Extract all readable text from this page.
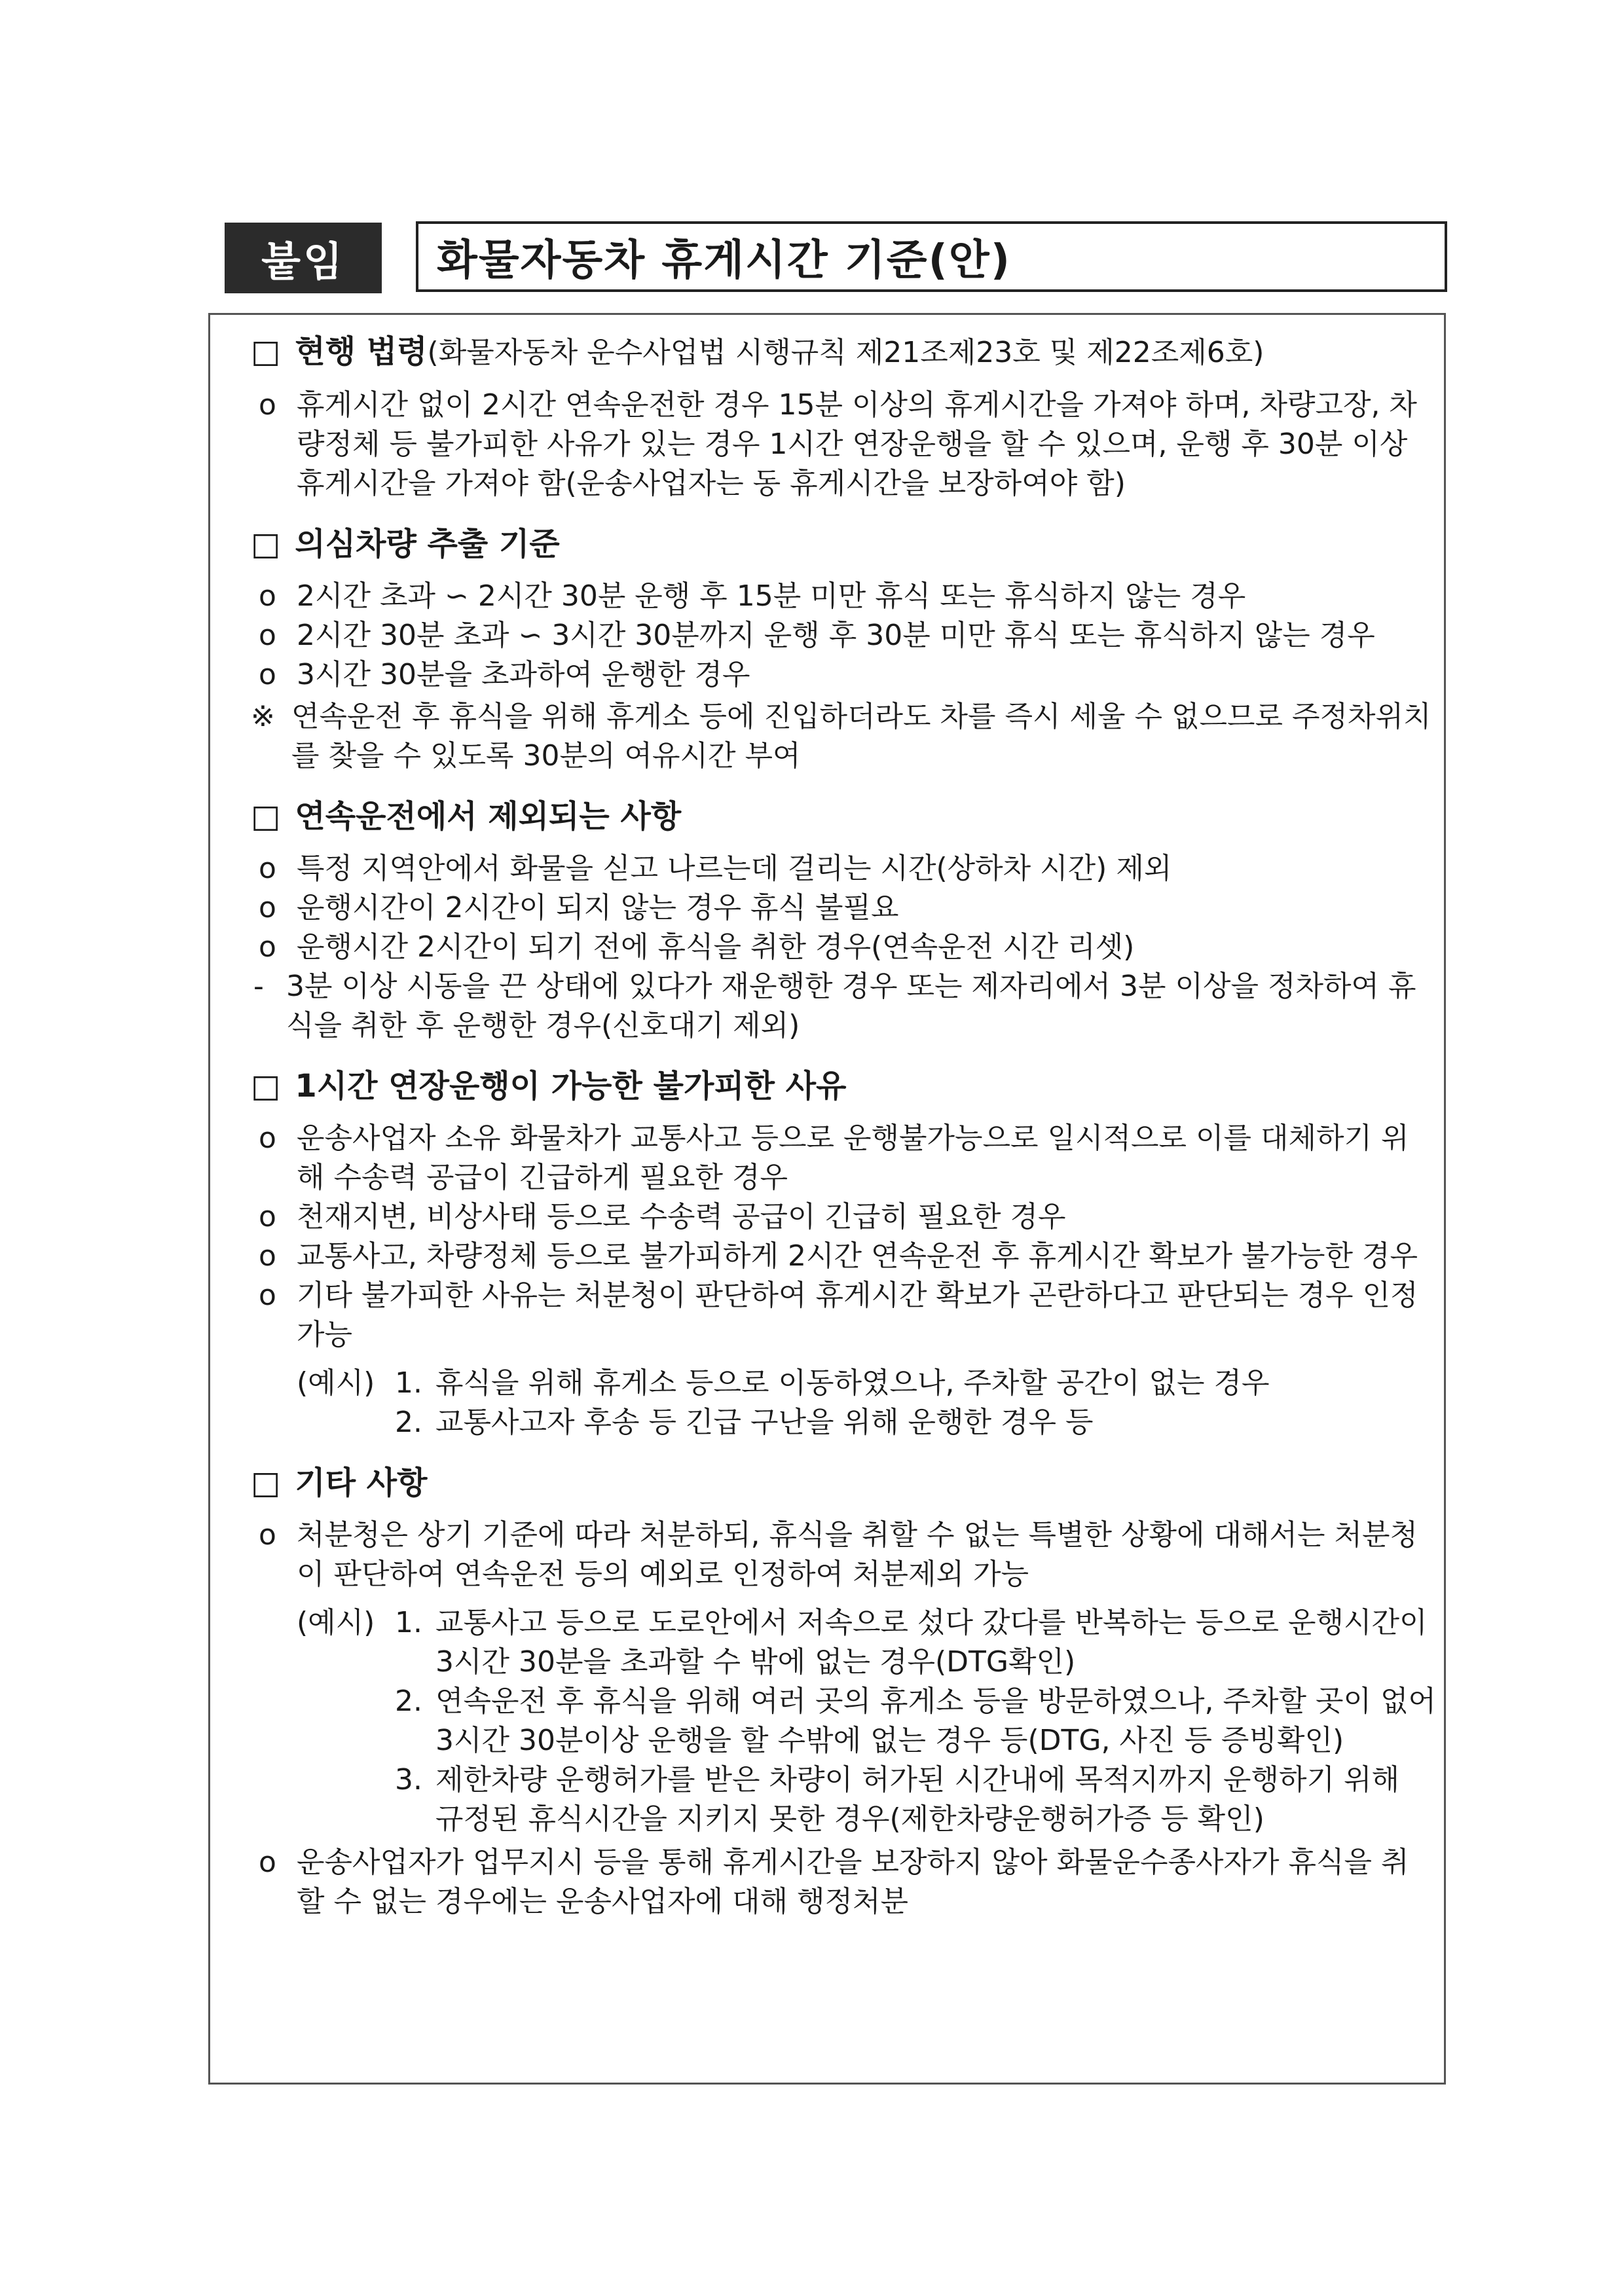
붙임 화물자동차 휴게시간 기준(안)

□ 현행 법령(화물자동차 운수사업법 시행규칙 제21조제23호 및 제22조제6호)

o 휴게시간 없이 2시간 연속운전한 경우 15분 이상의 휴게시간을 가져야 하며, 차량고장, 차량정체 등 불가피한 사유가 있는 경우 1시간 연장운행을 할 수 있으며, 운행 후 30분 이상 휴게시간을 가져야 함(운송사업자는 동 휴게시간을 보장하여야 함)

□ 의심차량 추출 기준

o 2시간 초과 ∽ 2시간 30분 운행 후 15분 미만 휴식 또는 휴식하지 않는 경우
o 2시간 30분 초과 ∽ 3시간 30분까지 운행 후 30분 미만 휴식 또는 휴식하지 않는 경우
o 3시간 30분을 초과하여 운행한 경우
※ 연속운전 후 휴식을 위해 휴게소 등에 진입하더라도 차를 즉시 세울 수 없으므로 주정차위치를 찾을 수 있도록 30분의 여유시간 부여

□ 연속운전에서 제외되는 사항

o 특정 지역안에서 화물을 싣고 나르는데 걸리는 시간(상하차 시간) 제외
o 운행시간이 2시간이 되지 않는 경우 휴식 불필요
o 운행시간 2시간이 되기 전에 휴식을 취한 경우(연속운전 시간 리셋)
- 3분 이상 시동을 끈 상태에 있다가 재운행한 경우 또는 제자리에서 3분 이상을 정차하여 휴식을 취한 후 운행한 경우(신호대기 제외)

□ 1시간 연장운행이 가능한 불가피한 사유

o 운송사업자 소유 화물차가 교통사고 등으로 운행불가능으로 일시적으로 이를 대체하기 위해 수송력 공급이 긴급하게 필요한 경우
o 천재지변, 비상사태 등으로 수송력 공급이 긴급히 필요한 경우
o 교통사고, 차량정체 등으로 불가피하게 2시간 연속운전 후 휴게시간 확보가 불가능한 경우
o 기타 불가피한 사유는 처분청이 판단하여 휴게시간 확보가 곤란하다고 판단되는 경우 인정 가능
(예시) 1. 휴식을 위해 휴게소 등으로 이동하였으나, 주차할 공간이 없는 경우
2. 교통사고자 후송 등 긴급 구난을 위해 운행한 경우 등

□ 기타 사항

o 처분청은 상기 기준에 따라 처분하되, 휴식을 취할 수 없는 특별한 상황에 대해서는 처분청이 판단하여 연속운전 등의 예외로 인정하여 처분제외 가능
(예시) 1. 교통사고 등으로 도로안에서 저속으로 섰다 갔다를 반복하는 등으로 운행시간이 3시간 30분을 초과할 수 밖에 없는 경우(DTG확인)
2. 연속운전 후 휴식을 위해 여러 곳의 휴게소 등을 방문하였으나, 주차할 곳이 없어 3시간 30분이상 운행을 할 수밖에 없는 경우 등(DTG, 사진 등 증빙확인)
3. 제한차량 운행허가를 받은 차량이 허가된 시간내에 목적지까지 운행하기 위해 규정된 휴식시간을 지키지 못한 경우(제한차량운행허가증 등 확인)
o 운송사업자가 업무지시 등을 통해 휴게시간을 보장하지 않아 화물운수종사자가 휴식을 취할 수 없는 경우에는 운송사업자에 대해 행정처분
